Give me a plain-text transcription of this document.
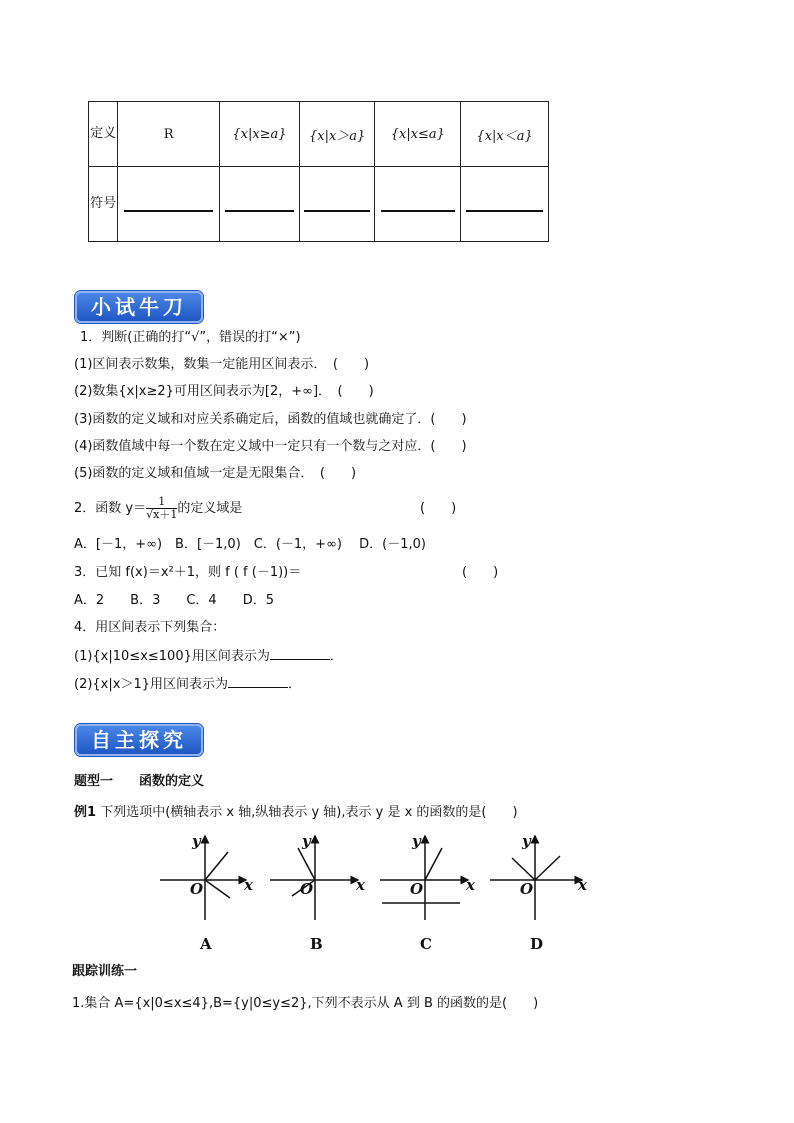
定义	R	{x|x≥a}	{x|x＞a}	{x|x≤a}	{x|x＜a}
符号					
小试牛刀
1．判断(正确的打“√”，错误的打“×”)
(1)区间表示数集，数集一定能用区间表示．　(　　)
(2)数集{x|x≥2}可用区间表示为[2，+∞]．　(　　)
(3)函数的定义域和对应关系确定后，函数的值域也就确定了．(　　)
(4)函数值域中每一个数在定义域中一定只有一个数与之对应．(　　)
(5)函数的定义域和值域一定是无限集合．　(　　)
2．函数 $y= \frac{1}{√x+1}$ 的定义域是	(　　)
A．[－1，+∞)　B．[－1,0)　C．(－1，+∞)　 D．(－1,0)
3．已知 f(x)＝x²＋1，则 f ( f (－1))＝	(　　)
A．2　　B．3　　C．4　　D．5
4．用区间表示下列集合：
(1){x|10≤x≤100}用区间表示为	．
(2){x|x＞1}用区间表示为	．
自主探究
题型一　　函数的定义
例1 下列选项中(横轴表示 x 轴,纵轴表示 y 轴),表示 y 是 x 的函数的是(　　)
y
x
O
y
x
O
y
x
O
y
x
O
A	B	C	D
跟踪训练一
1.集合 A={x|0≤x≤4},B={y|0≤y≤2},下列不表示从 A 到 B 的函数的是(　　)
